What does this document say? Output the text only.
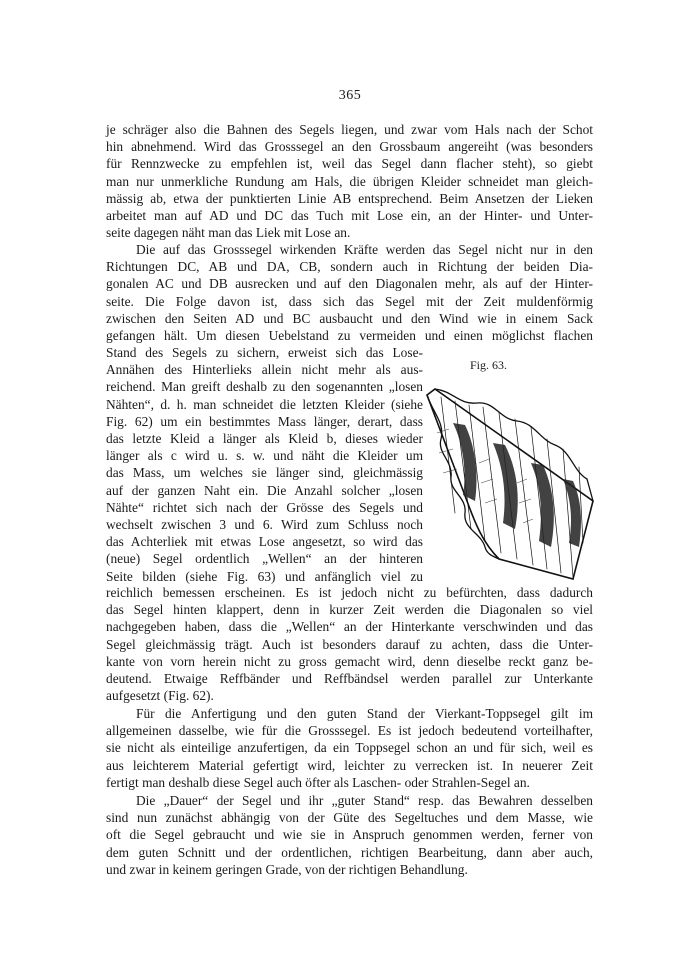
365
je schräger also die Bahnen des Segels liegen, und zwar vom Hals nach der Schot
hin abnehmend. Wird das Grosssegel an den Grossbaum angereiht (was besonders
für Rennzwecke zu empfehlen ist, weil das Segel dann flacher steht), so giebt
man nur unmerkliche Rundung am Hals, die übrigen Kleider schneidet man gleich-
mässig ab, etwa der punktierten Linie AB entsprechend. Beim Ansetzen der Lieken
arbeitet man auf AD und DC das Tuch mit Lose ein, an der Hinter- und Unter-
seite dagegen näht man das Liek mit Lose an.
Die auf das Grosssegel wirkenden Kräfte werden das Segel nicht nur in den
Richtungen DC, AB und DA, CB, sondern auch in Richtung der beiden Dia-
gonalen AC und DB ausrecken und auf den Diagonalen mehr, als auf der Hinter-
seite. Die Folge davon ist, dass sich das Segel mit der Zeit muldenförmig
zwischen den Seiten AD und BC ausbaucht und den Wind wie in einem Sack
gefangen hält. Um diesen Uebelstand zu vermeiden und einen möglichst flachen
Stand des Segels zu sichern, erweist sich das Lose-
Annähen des Hinterlieks allein nicht mehr als aus-
reichend. Man greift deshalb zu den sogenannten „losen
Nähten“, d. h. man schneidet die letzten Kleider (siehe
Fig. 62) um ein bestimmtes Mass länger, derart, dass
das letzte Kleid a länger als Kleid b, dieses wieder
länger als c wird u. s. w. und näht die Kleider um
das Mass, um welches sie länger sind, gleichmässig
auf der ganzen Naht ein. Die Anzahl solcher „losen
Nähte“ richtet sich nach der Grösse des Segels und
wechselt zwischen 3 und 6. Wird zum Schluss noch
das Achterliek mit etwas Lose angesetzt, so wird das
(neue) Segel ordentlich „Wellen“ an der hinteren
Seite bilden (siehe Fig. 63) und anfänglich viel zu
Fig. 63.
reichlich bemessen erscheinen. Es ist jedoch nicht zu befürchten, dass dadurch
das Segel hinten klappert, denn in kurzer Zeit werden die Diagonalen so viel
nachgegeben haben, dass die „Wellen“ an der Hinterkante verschwinden und das
Segel gleichmässig trägt. Auch ist besonders darauf zu achten, dass die Unter-
kante von vorn herein nicht zu gross gemacht wird, denn dieselbe reckt ganz be-
deutend. Etwaige Reffbänder und Reffbändsel werden parallel zur Unterkante
aufgesetzt (Fig. 62).
Für die Anfertigung und den guten Stand der Vierkant-Toppsegel gilt im
allgemeinen dasselbe, wie für die Grosssegel. Es ist jedoch bedeutend vorteilhafter,
sie nicht als einteilige anzufertigen, da ein Toppsegel schon an und für sich, weil es
aus leichterem Material gefertigt wird, leichter zu verrecken ist. In neuerer Zeit
fertigt man deshalb diese Segel auch öfter als Laschen- oder Strahlen-Segel an.
Die „Dauer“ der Segel und ihr „guter Stand“ resp. das Bewahren desselben
sind nun zunächst abhängig von der Güte des Segeltuches und dem Masse, wie
oft die Segel gebraucht und wie sie in Anspruch genommen werden, ferner von
dem guten Schnitt und der ordentlichen, richtigen Bearbeitung, dann aber auch,
und zwar in keinem geringen Grade, von der richtigen Behandlung.
